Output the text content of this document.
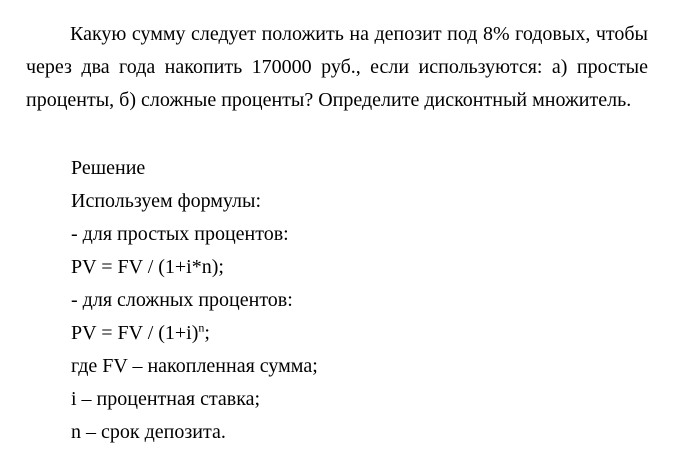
Какую сумму следует положить на депозит под 8% годовых, чтобы через два года накопить 170000 руб., если используются: а) простые проценты, б) сложные проценты? Определите дисконтный множитель.

Решение
Используем формулы:
- для простых процентов:
PV = FV / (1+i*n);
- для сложных процентов:
PV = FV / $(1+i)^n$;
где FV – накопленная сумма;
i – процентная ставка;
n – срок депозита.
